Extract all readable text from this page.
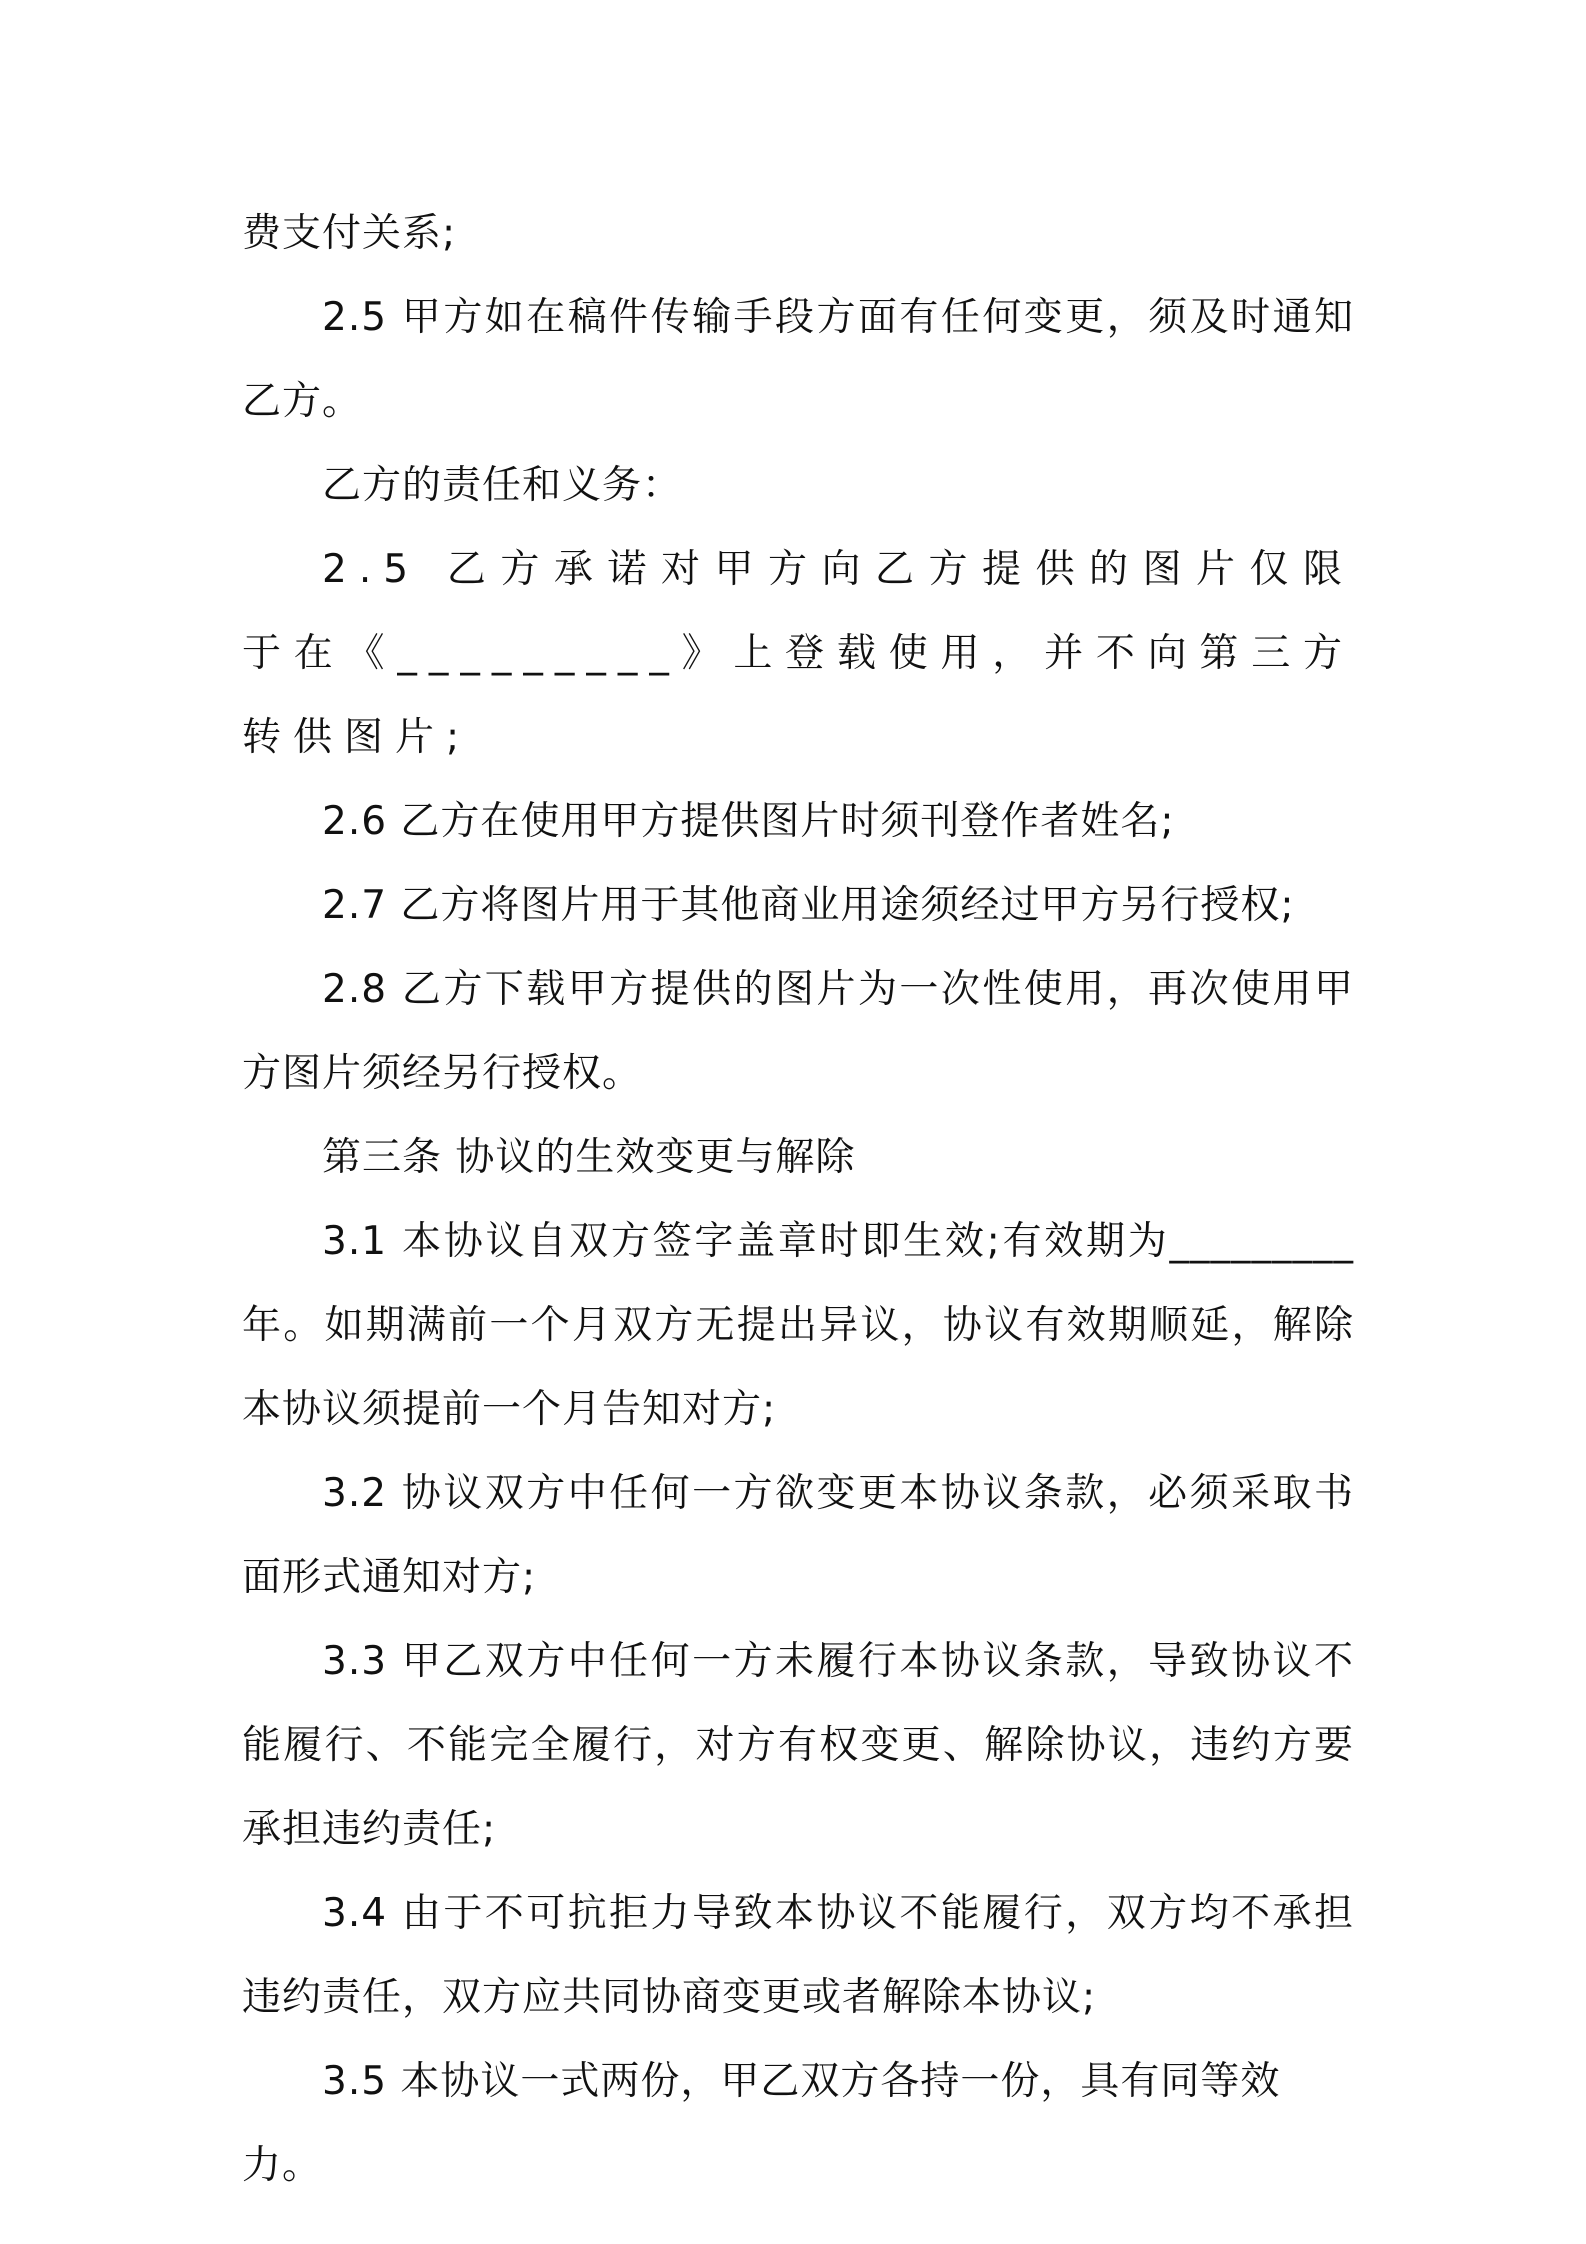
费支付关系;

2.5 甲方如在稿件传输手段方面有任何变更，须及时通知乙方。

乙方的责任和义务：

2.5 乙方承诺对甲方向乙方提供的图片仅限于在《_________》上登载使用，并不向第三方转供图片;

2.6 乙方在使用甲方提供图片时须刊登作者姓名;

2.7 乙方将图片用于其他商业用途须经过甲方另行授权;

2.8 乙方下载甲方提供的图片为一次性使用，再次使用甲方图片须经另行授权。

第三条 协议的生效变更与解除

3.1 本协议自双方签字盖章时即生效;有效期为_________年。如期满前一个月双方无提出异议，协议有效期顺延，解除本协议须提前一个月告知对方;

3.2 协议双方中任何一方欲变更本协议条款，必须采取书面形式通知对方;

3.3 甲乙双方中任何一方未履行本协议条款，导致协议不能履行、不能完全履行，对方有权变更、解除协议，违约方要承担违约责任;

3.4 由于不可抗拒力导致本协议不能履行，双方均不承担违约责任，双方应共同协商变更或者解除本协议;

3.5 本协议一式两份，甲乙双方各持一份，具有同等效力。
